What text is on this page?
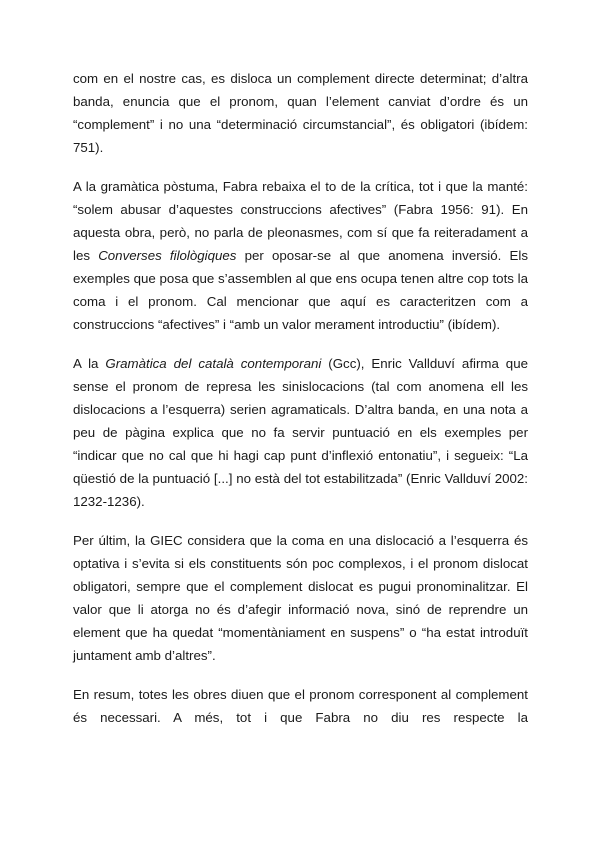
com en el nostre cas, es disloca un complement directe determinat; d’altra banda, enuncia que el pronom, quan l’element canviat d’ordre és un “complement” i no una “determinació circumstancial”, és obligatori (ibídem: 751).

A la gramàtica pòstuma, Fabra rebaixa el to de la crítica, tot i que la manté: “solem abusar d’aquestes construccions afectives” (Fabra 1956: 91). En aquesta obra, però, no parla de pleonasmes, com sí que fa reiteradament a les Converses filològiques per oposar-se al que anomena inversió. Els exemples que posa que s’assemblen al que ens ocupa tenen altre cop tots la coma i el pronom. Cal mencionar que aquí es caracteritzen com a construccions “afectives” i “amb un valor merament introductiu” (ibídem).

A la Gramàtica del català contemporani (Gcc), Enric Vallduví afirma que sense el pronom de represa les sinislocacions (tal com anomena ell les dislocacions a l’esquerra) serien agramaticals. D’altra banda, en una nota a peu de pàgina explica que no fa servir puntuació en els exemples per “indicar que no cal que hi hagi cap punt d’inflexió entonatiu”, i segueix: “La qüestió de la puntuació [...] no està del tot estabilitzada” (Enric Vallduví 2002: 1232-1236).

Per últim, la GIEC considera que la coma en una dislocació a l’esquerra és optativa i s’evita si els constituents són poc complexos, i el pronom dislocat obligatori, sempre que el complement dislocat es pugui pronominalitzar. El valor que li atorga no és d’afegir informació nova, sinó de reprendre un element que ha quedat “momentàniament en suspens” o “ha estat introduït juntament amb d’altres”.

En resum, totes les obres diuen que el pronom corresponent al complement és necessari. A més, tot i que Fabra no diu res respecte la
